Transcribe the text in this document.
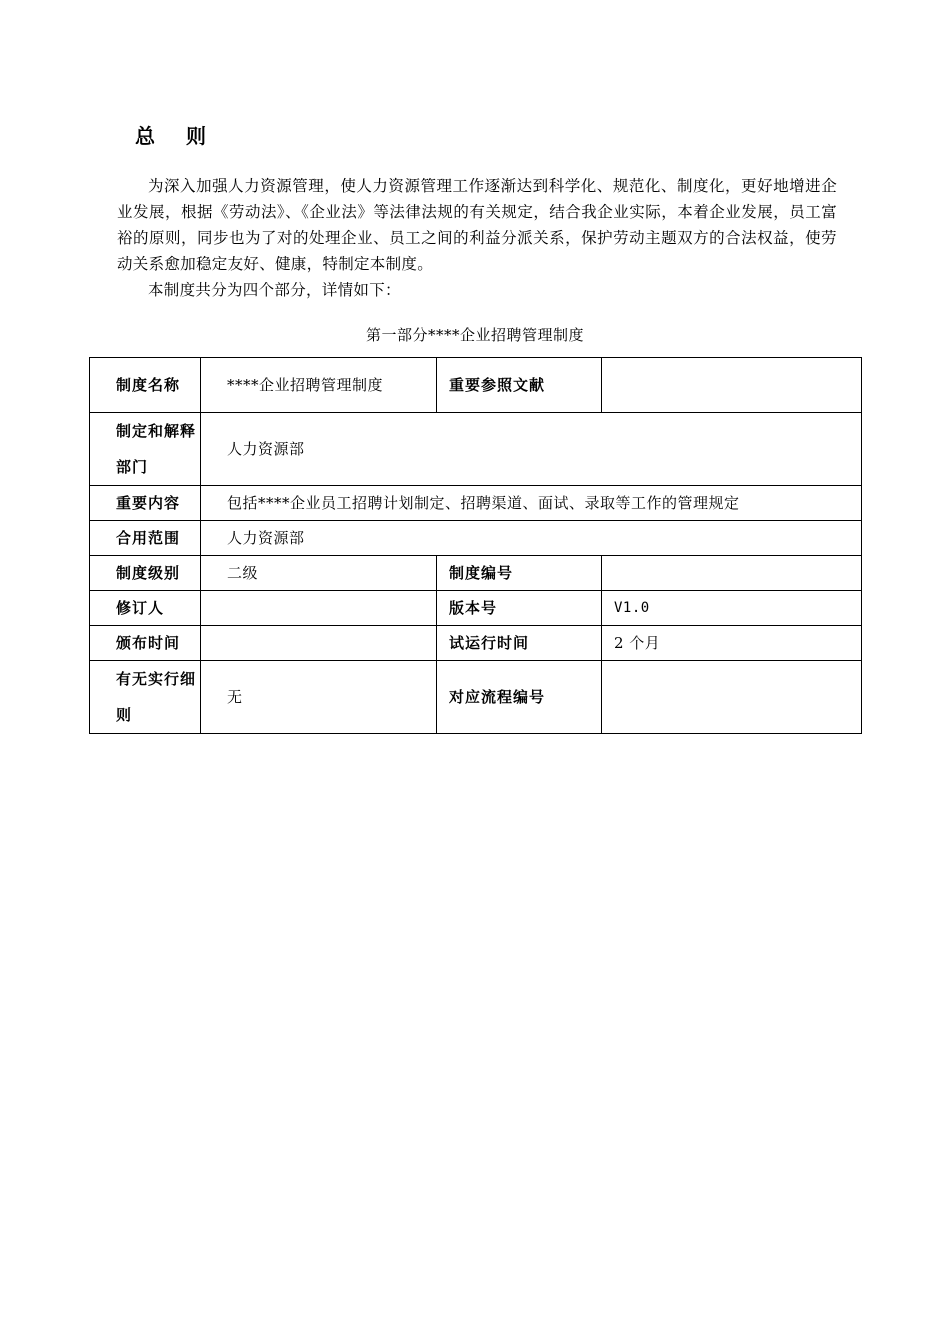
总 则

为深入加强人力资源管理，使人力资源管理工作逐渐达到科学化、规范化、制度化，更好地增进企业发展，根据《劳动法》、《企业法》等法律法规的有关规定，结合我企业实际，本着企业发展，员工富裕的原则，同步也为了对的处理企业、员工之间的利益分派关系，保护劳动主题双方的合法权益，使劳动关系愈加稳定友好、健康，特制定本制度。

本制度共分为四个部分，详情如下：

第一部分****企业招聘管理制度
制度名称	****企业招聘管理制度	重要参照文献	
制定和解释部门	人力资源部		
重要内容	包括****企业员工招聘计划制定、招聘渠道、面试、录取等工作的管理规定		
合用范围	人力资源部		
制度级别	二级	制度编号	
修订人		版本号	V1.0
颁布时间		试运行时间	2 个月
有无实行细则	无	对应流程编号	
